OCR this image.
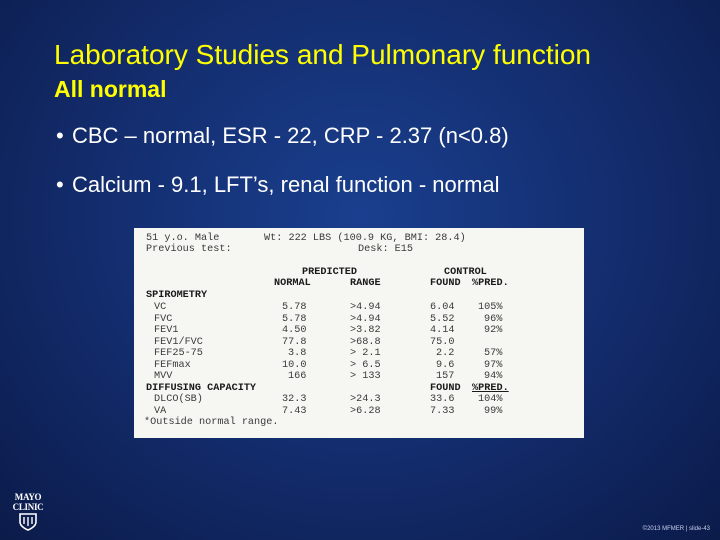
Laboratory Studies and Pulmonary function
All normal
• CBC – normal, ESR - 22, CRP - 2.37 (n<0.8)
• Calcium - 9.1, LFT’s, renal function - normal
51 y.o. Male	Wt: 222 LBS (100.9 KG, BMI: 28.4)
Previous test:	Desk: E15
PREDICTED	CONTROL
NORMAL	RANGE	FOUND %PRED.
SPIROMETRY
VC	5.78	>4.94	6.04 105%
FVC	5.78	>4.94	5.52	96%
FEV1	4.50	>3.82	4.14	92%
FEV1/FVC	77.8	>68.8	75.0
FEF25-75	3.8	> 2.1	2.2	57%
FEFmax	10.0	> 6.5	9.6	97%
MVV	166	> 133	157	94%
DIFFUSING CAPACITY	FOUND %PRED.
DLCO(SB)	32.3	>24.3	33.6 104%
VA	7.43	>6.28	7.33	99%
*Outside normal range.
MAYO
CLINIC
©2013 MFMER | slide-43
